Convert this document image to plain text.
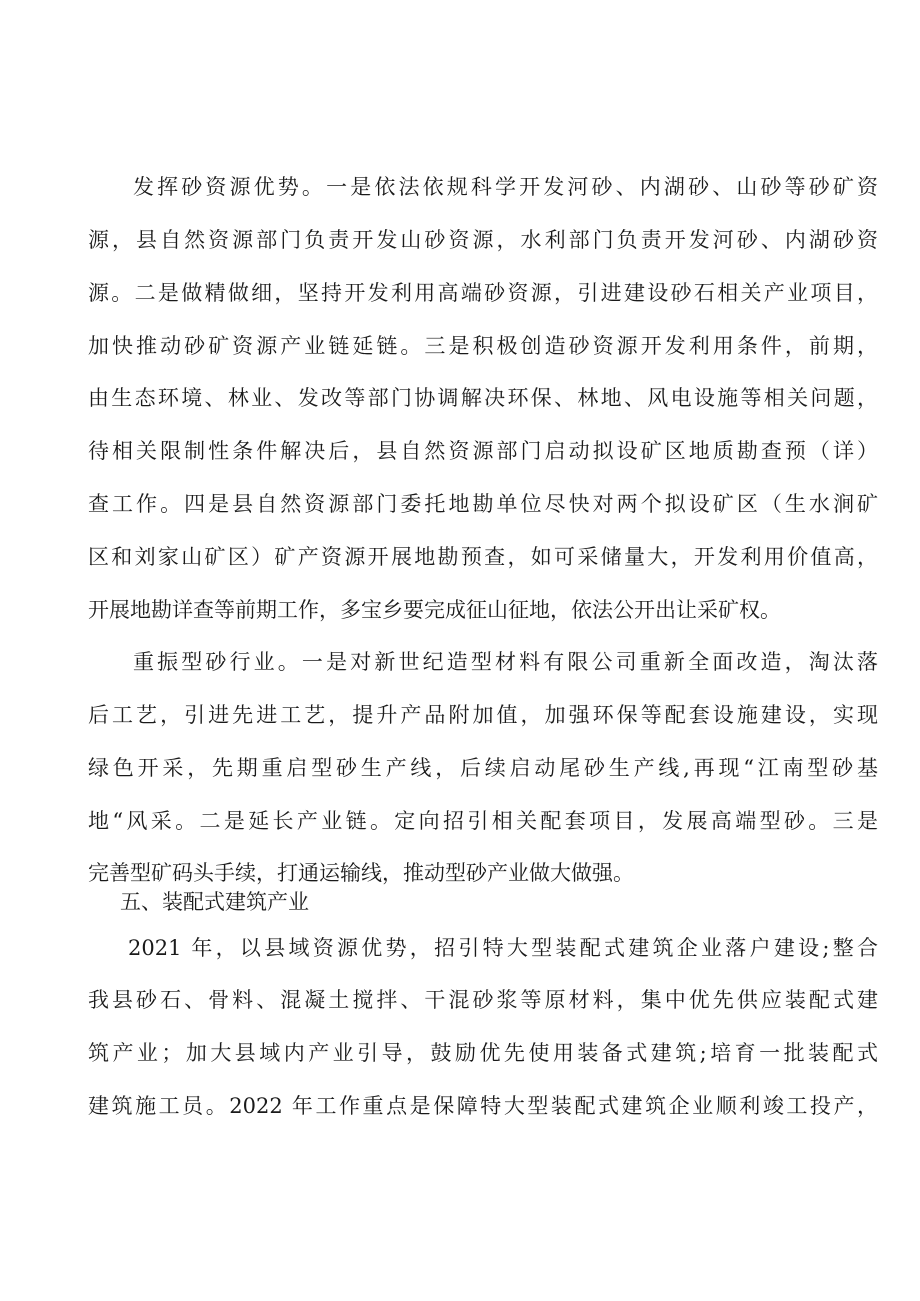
发挥砂资源优势。一是依法依规科学开发河砂、内湖砂、山砂等砂矿资
源，县自然资源部门负责开发山砂资源，水利部门负责开发河砂、内湖砂资
源。二是做精做细，坚持开发利用高端砂资源，引进建设砂石相关产业项目，
加快推动砂矿资源产业链延链。三是积极创造砂资源开发利用条件，前期，
由生态环境、林业、发改等部门协调解决环保、林地、风电设施等相关问题，
待相关限制性条件解决后，县自然资源部门启动拟设矿区地质勘查预（详）
查工作。四是县自然资源部门委托地勘单位尽快对两个拟设矿区（生水涧矿
区和刘家山矿区）矿产资源开展地勘预查，如可采储量大，开发利用价值高，
开展地勘详查等前期工作，多宝乡要完成征山征地，依法公开出让采矿权。
重振型砂行业。一是对新世纪造型材料有限公司重新全面改造，淘汰落
后工艺，引进先进工艺，提升产品附加值，加强环保等配套设施建设，实现
绿色开采，先期重启型砂生产线，后续启动尾砂生产线,再现“江南型砂基
地“风采。二是延长产业链。定向招引相关配套项目，发展高端型砂。三是
完善型矿码头手续，打通运输线，推动型砂产业做大做强。
五、装配式建筑产业
2021 年，以县域资源优势，招引特大型装配式建筑企业落户建设;整合
我县砂石、骨料、混凝土搅拌、干混砂浆等原材料，集中优先供应装配式建
筑产业；加大县域内产业引导，鼓励优先使用装备式建筑;培育一批装配式
建筑施工员。2022 年工作重点是保障特大型装配式建筑企业顺利竣工投产，
